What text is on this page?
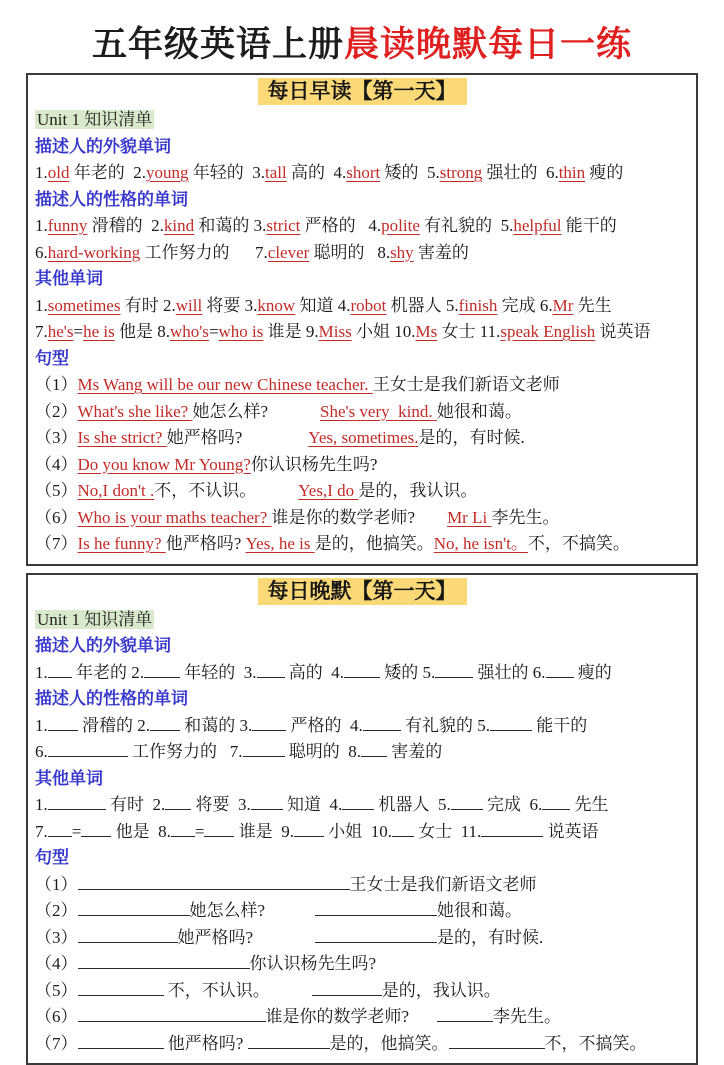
五年级英语上册晨读晚默每日一练
每日早读【第一天】
Unit 1 知识清单
描述人的外貌单词
1.old 年老的  2.young 年轻的  3.tall 高的  4.short 矮的  5.strong 强壮的  6.thin 瘦的
描述人的性格的单词
1.funny 滑稽的  2.kind 和蔼的 3.strict 严格的   4.polite 有礼貌的  5.helpful 能干的
6.hard-working 工作努力的      7.clever 聪明的   8.shy 害羞的
其他单词
1.sometimes 有时 2.will 将要 3.know 知道 4.robot 机器人 5.finish 完成 6.Mr 先生
7.he's=he is 他是 8.who's=who is 谁是 9.Miss 小姐 10.Ms 女士 11.speak English 说英语
句型
（1）Ms Wang will be our new Chinese teacher. 王女士是我们新语文老师
（2）What's she like? 她怎么样?	She's very  kind. 她很和蔼。
（3）Is she strict? 她严格吗?	Yes, sometimes.是的，有时候.
（4）Do you know Mr Young?你认识杨先生吗?
（5）No,I don't .不，不认识。 Yes,I do 是的，我认识。
（6）Who is your maths teacher? 谁是你的数学老师? Mr Li 李先生。
（7）Is he funny? 他严格吗? Yes, he is 是的，他搞笑。No, he isn't。不，不搞笑。
每日晚默【第一天】
Unit 1 知识清单
描述人的外貌单词
1. 年老的 2. 年轻的  3. 高的  4. 矮的 5. 强壮的 6. 瘦的
描述人的性格的单词
1. 滑稽的 2. 和蔼的 3. 严格的  4. 有礼貌的 5. 能干的
6.	工作努力的   7. 聪明的  8. 害羞的
其他单词
1.	有时  2. 将要  3. 知道  4. 机器人  5. 完成  6. 先生
7. = 他是  8. = 谁是  9. 小姐  10. 女士  11.	说英语
句型
（1）	王女士是我们新语文老师
（2）	她怎么样?	她很和蔼。
（3）	她严格吗?	是的，有时候.
（4）	你认识杨先生吗?
（5）	不，不认识。	是的，我认识。
（6）	谁是你的数学老师?	李先生。
（7）	他严格吗?	是的，他搞笑。	不，不搞笑。
